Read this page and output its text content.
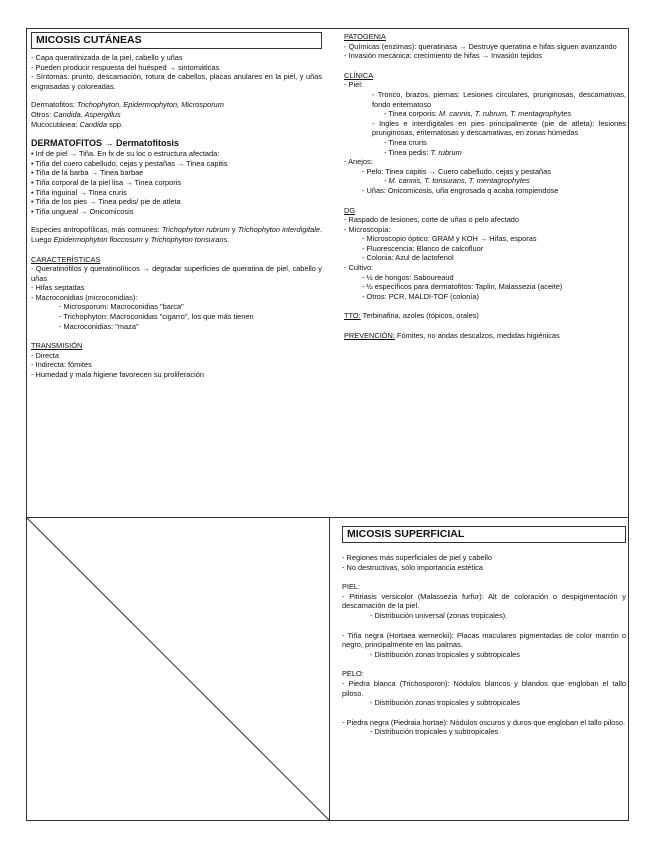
MICOSIS CUTÁNEAS

- Capa queratinizada de la piel, cabello y uñas

- Pueden producir respuesta del huésped → sintomáticas

- Síntomas: prurito, descamación, rotura de cabellos, placas anulares en la piel, y uñas engrasadas y coloreadas.

Dermatofitos: Trichophyton, Epidermophyton, Microsporum

Otros: Candida, Aspergillus

Mucocutánea: Candida spp.

DERMATOFITOS → Dermatofitosis

• Inf de piel → Tiña. En fx de su loc o estructura afectada:

• Tiña del cuero cabelludo, cejas y pestañas → Tinea capitis

• Tiña de la barba → Tinea barbae

• Tiña corporal de la piel lisa → Tinea corporis

• Tiña inguinal → Tinea cruris

• Tiña de los pies → Tinea pedis/ pie de atleta

• Tiña ungueal → Onicomicosis

Especies antropofílicas, más comunes: Trichophyton rubrum y Trichophyton interdigitale. Luego Epidermophyton floccosum y Trichophyton tonsurans.

CARACTERÍSTICAS

- Queratinófilos y queratinolíticos → degradar superficies de queratina de piel, cabello y uñas

- Hifas septadas

- Macroconidias (microconidias):

- Microsporum: Macroconidias "barca"

- Trichophyton: Macroconidias "cigarro", los que más tienen

- Macroconidias: "maza"

TRANSMISIÓN

- Directa

- Indirecta: fómites

- Humedad y mala higiene favorecen su proliferación

PATOGENIA

- Químicas (enzimas): queratinasa → Destruye queratina e hifas siguen avanzando

- Invasión mecánica: crecimiento de hifas → Invasión tejidos

CLÍNICA

- Piel:

- Tronco, brazos, piernas: Lesiones circulares, pruriginosas, descamativas, fondo eritematoso

- Tinea corporis: M. cannis, T. rubrum, T. mentagrophytes

- Ingles e interdigitales en pies principalmente (pie de atleta): lesiones pruriginosas, eritematosas y descamativas, en zonas húmedas

- Tinea cruris

- Tinea pedis: T. rubrum

- Anejos:

- Pelo: Tinea capitis → Cuero cabelludo, cejas y pestañas

- M. cannis, T. tonsurans, T. mentagrophytes

- Uñas: Onicomicosis, uña engrosada q acaba rompiendose

DG

- Raspado de lesiones, corte de uñas o pelo afectado

- Microscopía:

- Microscopio óptico: GRAM y KOH → Hifas, esporas

- Fluorescencia: Blanco de calcofluor

- Colonia: Azul de lactofenol

- Cultivo:

- ½ de hongos: Saboureaud

- ½ específicos para dermatofitos: Taplin, Malassezia (aceite)

- Otros: PCR, MALDI-TOF (colonía)

TTO: Terbinafina, azoles (tópicos, orales)

PREVENCIÓN: Fómites, no andas descalzos, medidas higiénicas

MICOSIS SUPERFICIAL

- Regiones más superficiales de piel y cabello

- No destructivas, sólo importancia estética

PIEL:

- Pitiriasis versicolor (Malassezia furfur): Alt de coloración o despigmentación y descamación de la piel.

- Distribución universal (zonas tropicales).

- Tiña negra (Hortaea werneckii): Placas maculares pigmentadas de color marrón o negro, principalmente en las palmas.

- Distribución zonas tropicales y subtropicales

PELO:

- Piedra blanca (Trichosporon): Nódulos blancos y blandos que engloban el tallo piloso.

- Distribución zonas tropicales y subtropicales

- Piedra negra (Piedraia hortae): Nódulos oscuros y duros que engloban el tallo piloso.

- Distribución tropicales y subtropicales
